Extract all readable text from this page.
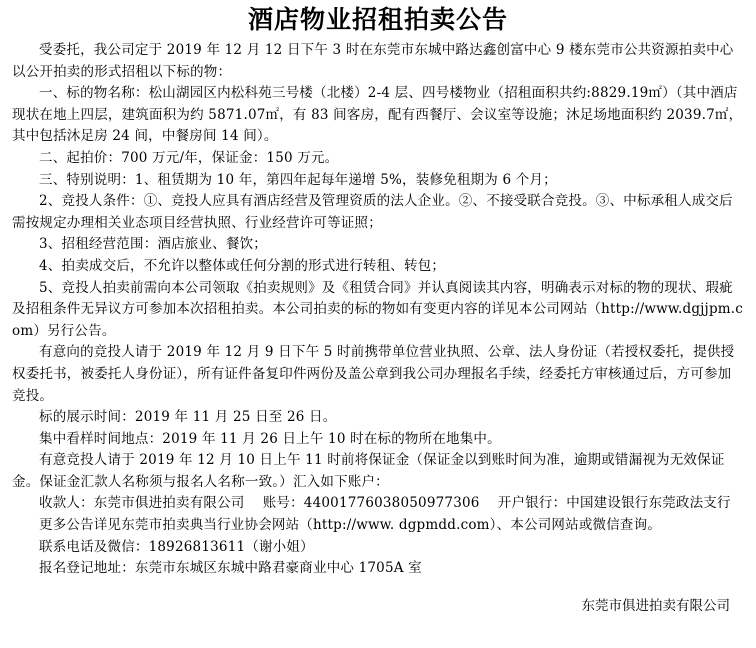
酒店物业招租拍卖公告

受委托，我公司定于 2019 年 12 月 12 日下午 3 时在东莞市东城中路达鑫创富中心 9 楼东莞市公共资源拍卖中心以公开拍卖的形式招租以下标的物：

一、标的物名称：松山湖园区内松科苑三号楼（北楼）2-4 层、四号楼物业（招租面积共约:8829.19㎡）（其中酒店现状在地上四层，建筑面积为约 5871.07㎡，有 83 间客房，配有西餐厅、会议室等设施；沐足场地面积约 2039.7㎡，其中包括沐足房 24 间，中餐房间 14 间）。

二、起拍价：700 万元/年，保证金：150 万元。

三、特别说明：1、租赁期为 10 年，第四年起每年递增 5%，装修免租期为 6 个月；

2、竞投人条件：①、竞投人应具有酒店经营及管理资质的法人企业。②、不接受联合竞投。③、中标承租人成交后需按规定办理相关业态项目经营执照、行业经营许可等证照；

3、招租经营范围：酒店旅业、餐饮；

4、拍卖成交后，不允许以整体或任何分割的形式进行转租、转包；

5、竞投人拍卖前需向本公司领取《拍卖规则》及《租赁合同》并认真阅读其内容，明确表示对标的物的现状、瑕疵及招租条件无异议方可参加本次招租拍卖。本公司拍卖的标的物如有变更内容的详见本公司网站（http://www.dgjjpm.com）另行公告。

有意向的竞投人请于 2019 年 12 月 9 日下午 5 时前携带单位营业执照、公章、法人身份证（若授权委托，提供授权委托书，被委托人身份证），所有证件备复印件两份及盖公章到我公司办理报名手续，经委托方审核通过后，方可参加竞投。

标的展示时间：2019 年 11 月 25 日至 26 日。

集中看样时间地点：2019 年 11 月 26 日上午 10 时在标的物所在地集中。

有意竞投人请于 2019 年 12 月 10 日上午 11 时前将保证金（保证金以到账时间为准，逾期或错漏视为无效保证金。保证金汇款人名称须与报名人名称一致。）汇入如下账户：

收款人：东莞市俱进拍卖有限公司　 账号：44001776038050977306　 开户银行：中国建设银行东莞政法支行

更多公告详见东莞市拍卖典当行业协会网站（http://www. dgpmdd.com）、本公司网站或微信查询。

联系电话及微信：18926813611（谢小姐）

报名登记地址：东莞市东城区东城中路君豪商业中心 1705A 室

东莞市俱进拍卖有限公司
